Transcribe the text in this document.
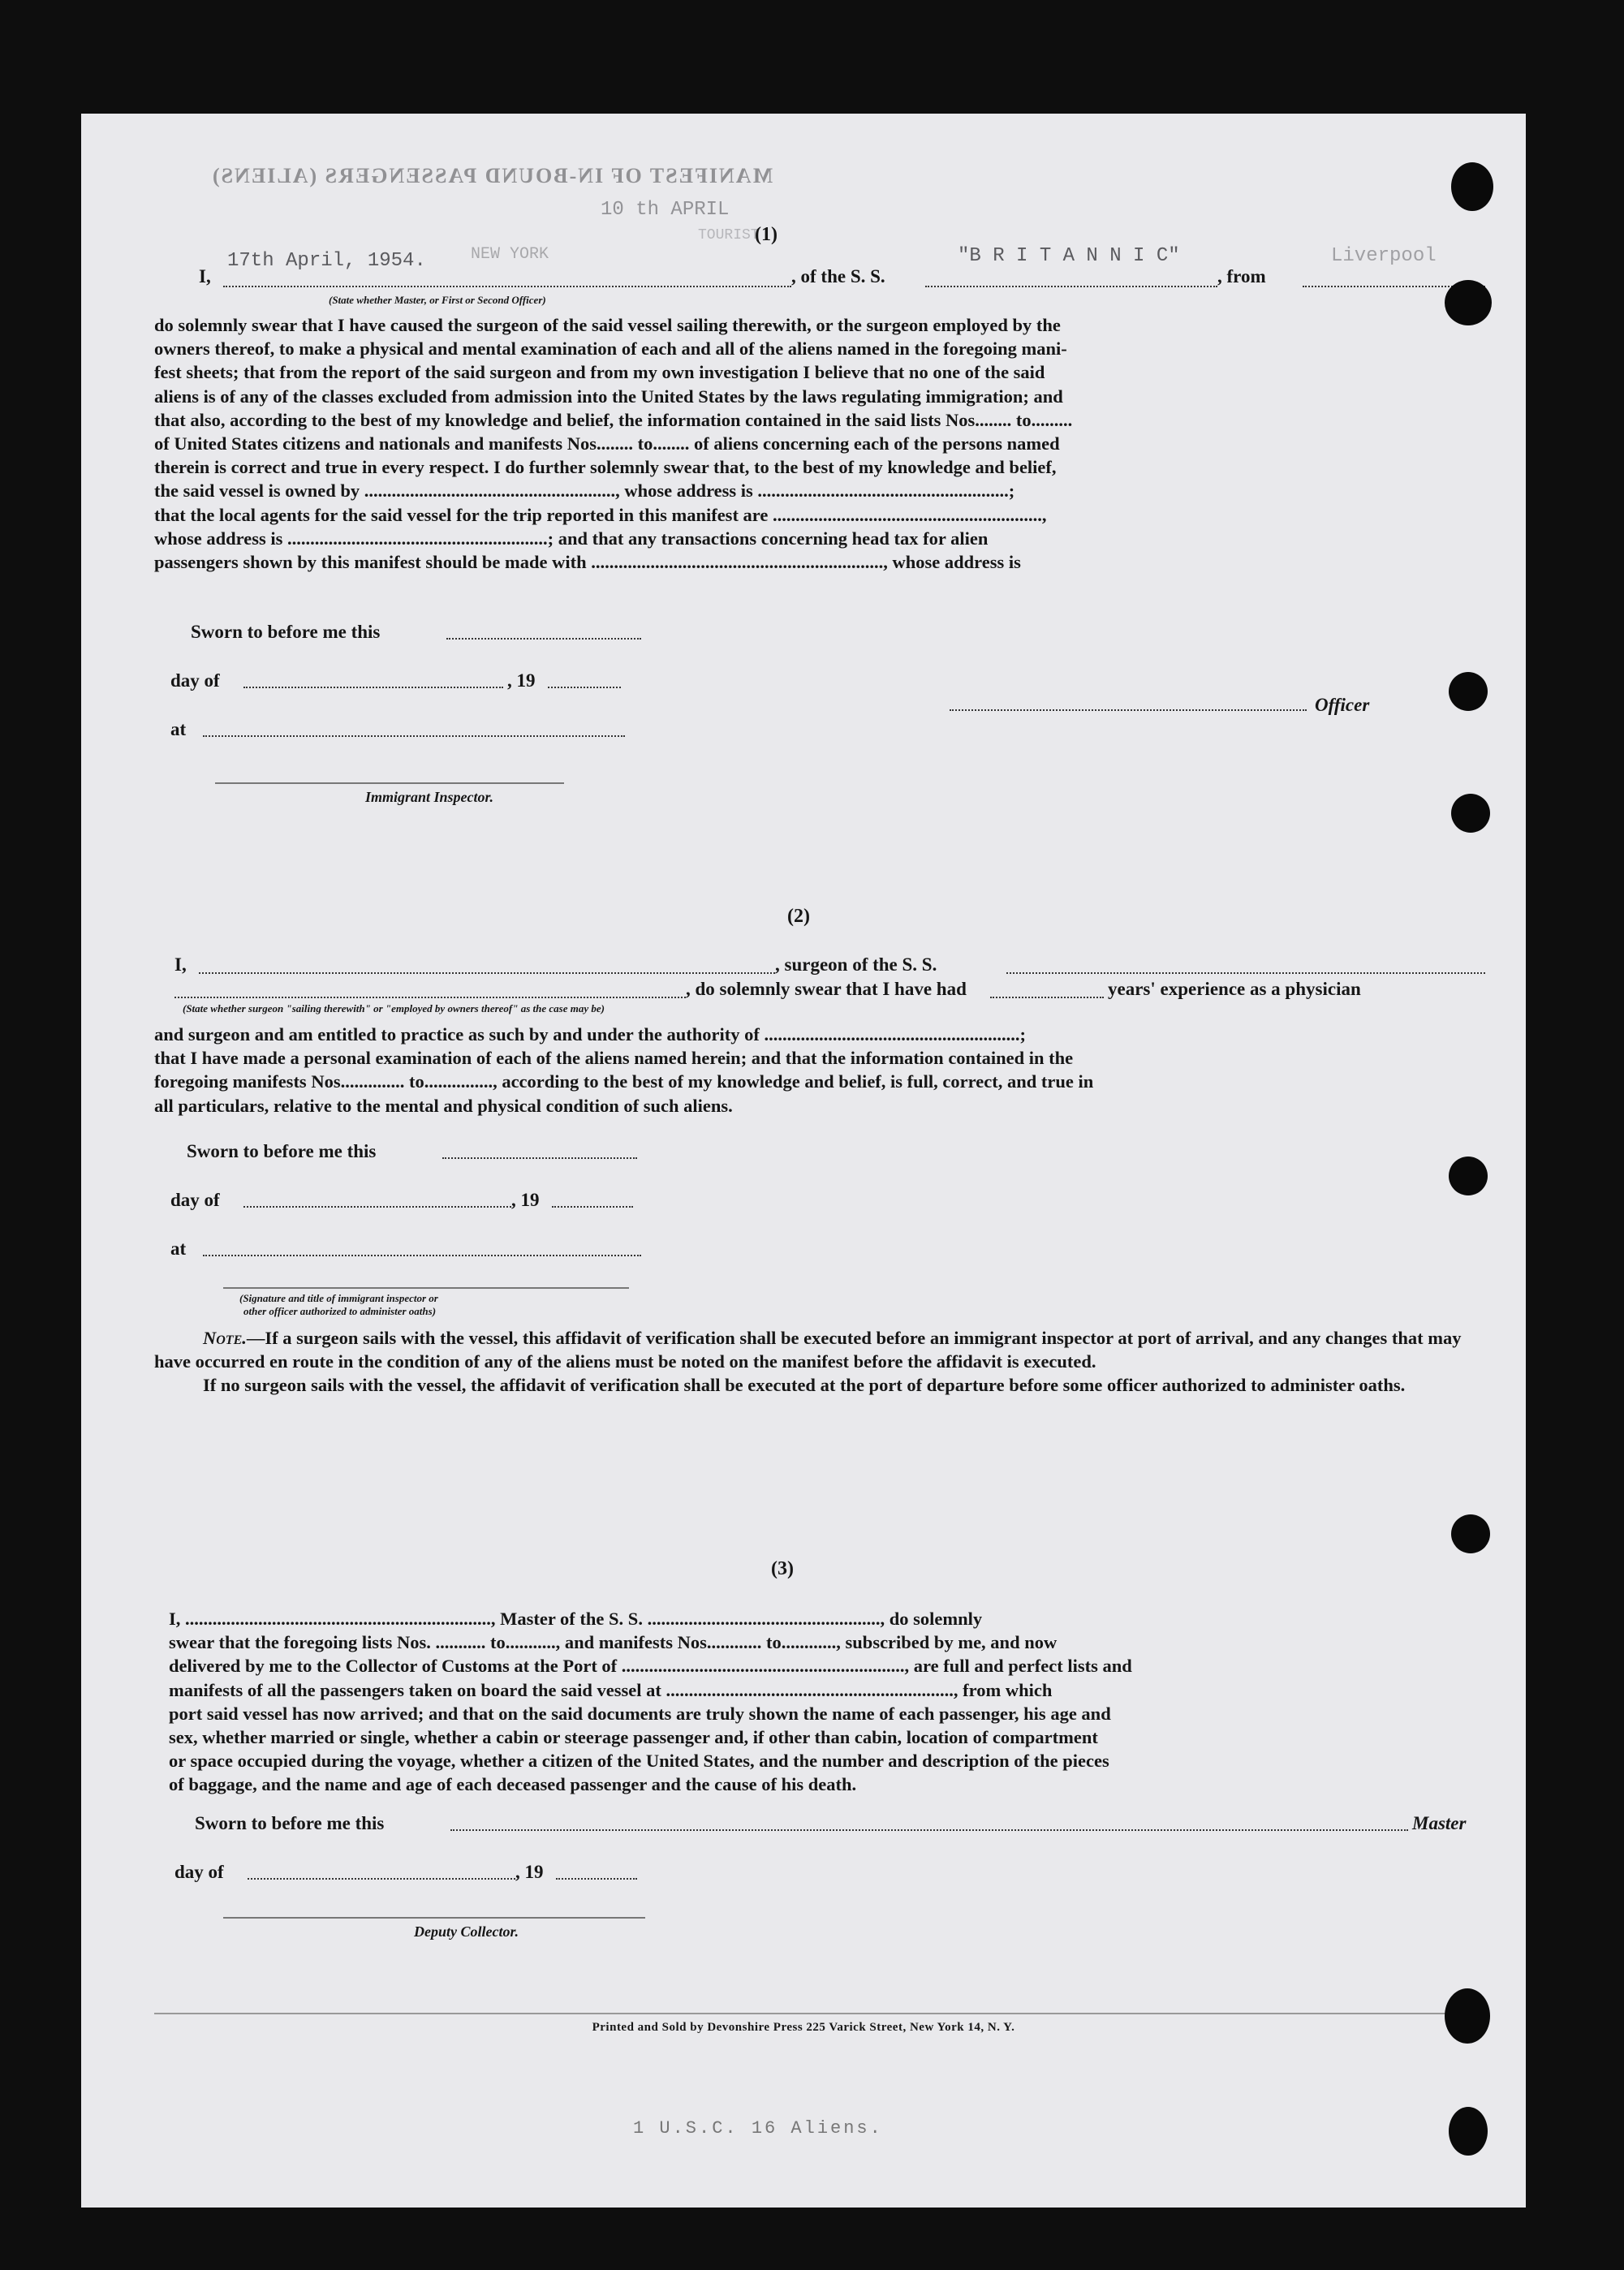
MANIFEST OF IN-BOUND PASSENGERS (ALIENS)
10 th APRIL
TOURIST
(1)
I,
17th April, 1954.	NEW YORK
, of the S. S.
"B R I T A N N I C"
, from
Liverpool
(State whether Master, or First or Second Officer)
do solemnly swear that I have caused the surgeon of the said vessel sailing therewith, or the surgeon employed by the
owners thereof, to make a physical and mental examination of each and all of the aliens named in the foregoing mani-
fest sheets; that from the report of the said surgeon and from my own investigation I believe that no one of the said
aliens is of any of the classes excluded from admission into the United States by the laws regulating immigration; and
that also, according to the best of my knowledge and belief, the information contained in the said lists Nos........ to.........
of United States citizens and nationals and manifests Nos........ to........ of aliens concerning each of the persons named
therein is correct and true in every respect. I do further solemnly swear that, to the best of my knowledge and belief,
the said vessel is owned by ......................................................., whose address is .......................................................;
that the local agents for the said vessel for the trip reported in this manifest are ...........................................................,
whose address is .........................................................; and that any transactions concerning head tax for alien
passengers shown by this manifest should be made with ................................................................, whose address is
Sworn to before me this
day of	, 19
Officer
at
Immigrant Inspector.
(2)
I,	, surgeon of the S. S.
, do solemnly swear that I have had	years' experience as a physician
(State whether surgeon "sailing therewith" or "employed by owners thereof" as the case may be)
and surgeon and am entitled to practice as such by and under the authority of ........................................................;
that I have made a personal examination of each of the aliens named herein; and that the information contained in the
foregoing manifests Nos.............. to..............., according to the best of my knowledge and belief, is full, correct, and true in
all particulars, relative to the mental and physical condition of such aliens.
Sworn to before me this
day of	, 19
at
(Signature and title of immigrant inspector or
other officer authorized to administer oaths)
Note.—If a surgeon sails with the vessel, this affidavit of verification shall be executed before an immigrant inspector at port of arrival, and any changes that may have occurred en route in the condition of any of the aliens must be noted on the manifest before the affidavit is executed.
If no surgeon sails with the vessel, the affidavit of verification shall be executed at the port of departure before some officer authorized to administer oaths.
(3)
I, ..................................................................., Master of the S. S. ..................................................., do solemnly
swear that the foregoing lists Nos. ........... to..........., and manifests Nos............ to............, subscribed by me, and now
delivered by me to the Collector of Customs at the Port of .............................................................., are full and perfect lists and
manifests of all the passengers taken on board the said vessel at ..............................................................., from which
port said vessel has now arrived; and that on the said documents are truly shown the name of each passenger, his age and
sex, whether married or single, whether a cabin or steerage passenger and, if other than cabin, location of compartment
or space occupied during the voyage, whether a citizen of the United States, and the number and description of the pieces
of baggage, and the name and age of each deceased passenger and the cause of his death.
Sworn to before me this	Master
day of	, 19
Deputy Collector.
Printed and Sold by Devonshire Press 225 Varick Street, New York 14, N. Y.
1 U.S.C. 16 Aliens.
